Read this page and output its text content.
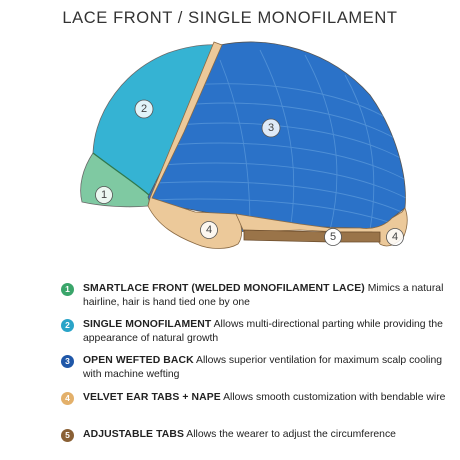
LACE FRONT / SINGLE MONOFILAMENT
1
2
3
4
5	4
1	SMARTLACE FRONT (WELDED MONOFILAMENT LACE) Mimics a natural hairline, hair is hand tied one by one
2	SINGLE MONOFILAMENT Allows multi-directional parting while providing the appearance of natural growth
3	OPEN WEFTED BACK Allows superior ventilation for maximum scalp cooling with machine wefting
4	VELVET EAR TABS + NAPE Allows smooth customization with bendable wire
5	ADJUSTABLE TABS Allows the wearer to adjust the circumference
